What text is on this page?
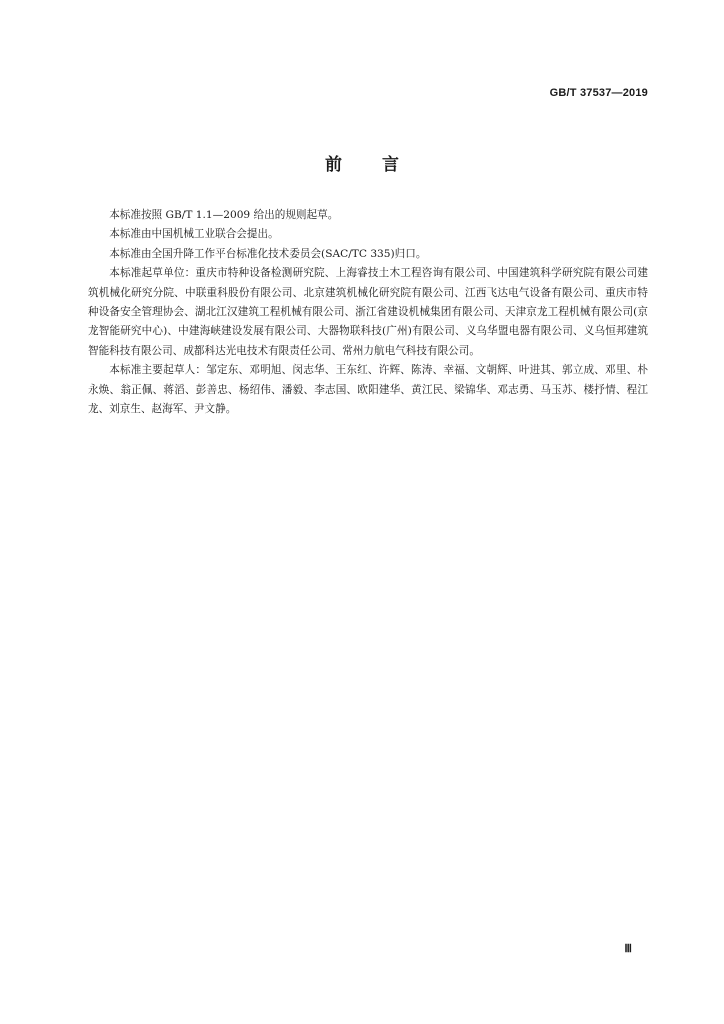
GB/T 37537—2019
前言

本标准按照 GB/T 1.1—2009 给出的规则起草。

本标准由中国机械工业联合会提出。

本标准由全国升降工作平台标准化技术委员会(SAC/TC 335)归口。

本标准起草单位：重庆市特种设备检测研究院、上海睿技土木工程咨询有限公司、中国建筑科学研究院有限公司建筑机械化研究分院、中联重科股份有限公司、北京建筑机械化研究院有限公司、江西飞达电气设备有限公司、重庆市特种设备安全管理协会、湖北江汉建筑工程机械有限公司、浙江省建设机械集团有限公司、天津京龙工程机械有限公司(京龙智能研究中心)、中建海峡建设发展有限公司、大器物联科技(广州)有限公司、义乌华盟电器有限公司、义乌恒邦建筑智能科技有限公司、成都科达光电技术有限责任公司、常州力航电气科技有限公司。

本标准主要起草人：邹定东、邓明旭、闵志华、王东红、许辉、陈涛、幸福、文朝辉、叶进其、郭立成、邓里、朴永焕、翁正佩、蒋滔、彭善忠、杨绍伟、潘毅、李志国、欧阳建华、黄江民、梁锦华、邓志勇、马玉苏、楼抒情、程江龙、刘京生、赵海军、尹文静。

Ⅲ
